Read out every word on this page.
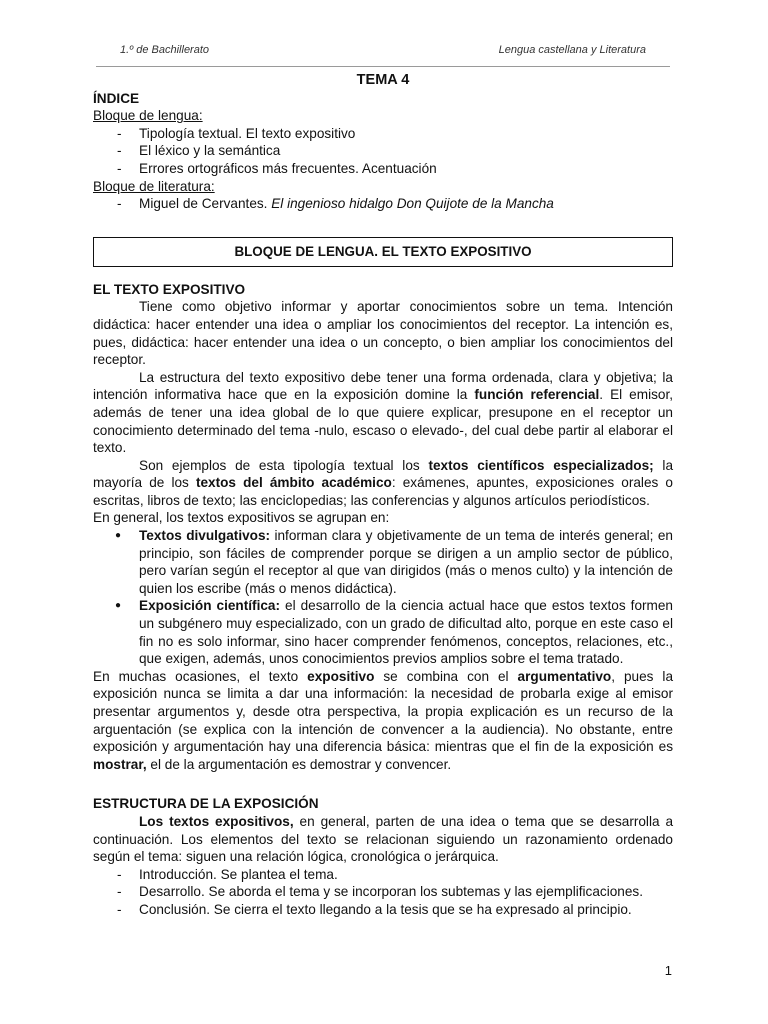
1.º de Bachillerato	Lengua castellana y Literatura
TEMA 4
ÍNDICE
Bloque de lengua:
- Tipología textual. El texto expositivo
- El léxico y la semántica
- Errores ortográficos más frecuentes. Acentuación
Bloque de literatura:
- Miguel de Cervantes. El ingenioso hidalgo Don Quijote de la Mancha
BLOQUE DE LENGUA. EL TEXTO EXPOSITIVO
EL TEXTO EXPOSITIVO

Tiene como objetivo informar y aportar conocimientos sobre un tema. Intención didáctica: hacer entender una idea o ampliar los conocimientos del receptor. La intención es, pues, didáctica: hacer entender una idea o un concepto, o bien ampliar los conocimientos del receptor.

La estructura del texto expositivo debe tener una forma ordenada, clara y objetiva; la intención informativa hace que en la exposición domine la función referencial. El emisor, además de tener una idea global de lo que quiere explicar, presupone en el receptor un conocimiento determinado del tema -nulo, escaso o elevado-, del cual debe partir al elaborar el texto.

Son ejemplos de esta tipología textual los textos científicos especializados; la mayoría de los textos del ámbito académico: exámenes, apuntes, exposiciones orales o escritas, libros de texto; las enciclopedias; las conferencias y algunos artículos periodísticos.

En general, los textos expositivos se agrupan en:

● Textos divulgativos: informan clara y objetivamente de un tema de interés general; en principio, son fáciles de comprender porque se dirigen a un amplio sector de público, pero varían según el receptor al que van dirigidos (más o menos culto) y la intención de quien los escribe (más o menos didáctica).
● Exposición científica: el desarrollo de la ciencia actual hace que estos textos formen un subgénero muy especializado, con un grado de dificultad alto, porque en este caso el fin no es solo informar, sino hacer comprender fenómenos, conceptos, relaciones, etc., que exigen, además, unos conocimientos previos amplios sobre el tema tratado.

En muchas ocasiones, el texto expositivo se combina con el argumentativo, pues la exposición nunca se limita a dar una información: la necesidad de probarla exige al emisor presentar argumentos y, desde otra perspectiva, la propia explicación es un recurso de la arguentación (se explica con la intención de convencer a la audiencia). No obstante, entre exposición y argumentación hay una diferencia básica: mientras que el fin de la exposición es mostrar, el de la argumentación es demostrar y convencer.

ESTRUCTURA DE LA EXPOSICIÓN

Los textos expositivos, en general, parten de una idea o tema que se desarrolla a continuación. Los elementos del texto se relacionan siguiendo un razonamiento ordenado según el tema: siguen una relación lógica, cronológica o jerárquica.

- Introducción. Se plantea el tema.
- Desarrollo. Se aborda el tema y se incorporan los subtemas y las ejemplificaciones.
- Conclusión. Se cierra el texto llegando a la tesis que se ha expresado al principio.
1
